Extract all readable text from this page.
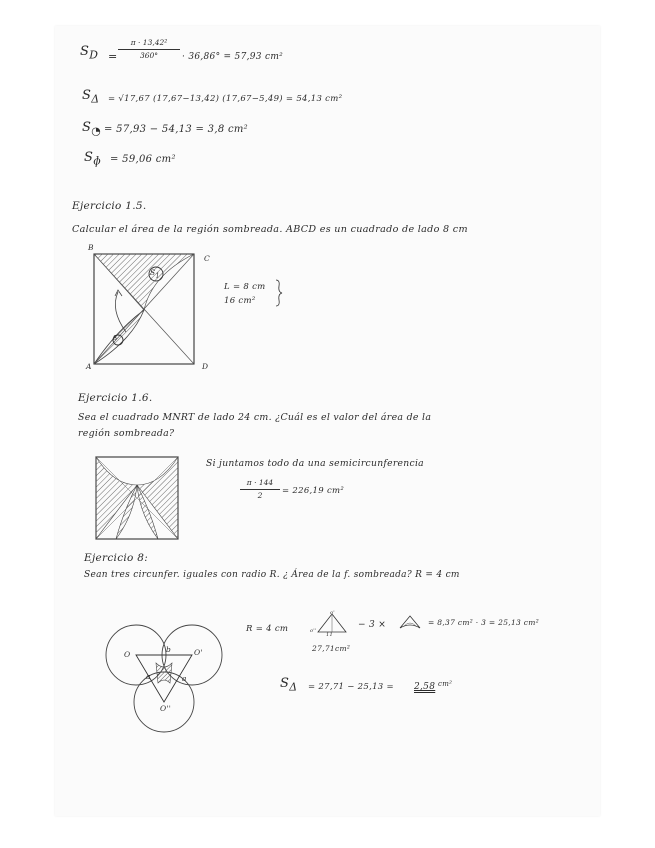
$S_D$ =
π · 13,42²
360°	· 36,86° = 57,93 cm²
$S_\Delta = √17,67$ (17,67−13,42) (17,67−5,49) = 54,13 cm²
$S_◔ = 57,93 - 54,13 = 3,8$ cm²
$S_ɸ = 59,06$ cm²
Ejercicio 1.5.
Calcular el área de la región sombreada. ABCD es un cuadrado de lado 8 cm
$S_1$
S
B
C
A	D
L = 8 cm
16 cm²
Ejercicio 1.6.
Sea el cuadrado MNRT de lado 24 cm. ¿Cuál es el valor del área de la
región sombreada?
Si juntamos todo da una semicircunferencia
π · 144
2	= 226,19 cm²
Ejercicio 8:
Sean tres circunfer. iguales con radio R. ¿ Área de la f. sombreada? R = 4 cm
O	O'
O''
a	a
b
R = 4 cm
o'
o''
11
− 3 ×	= 8,37 cm² · 3 = 25,13 cm²
27,71cm²
$S_\Delta = 27,71 - 25,13 = 2,58$ cm²
